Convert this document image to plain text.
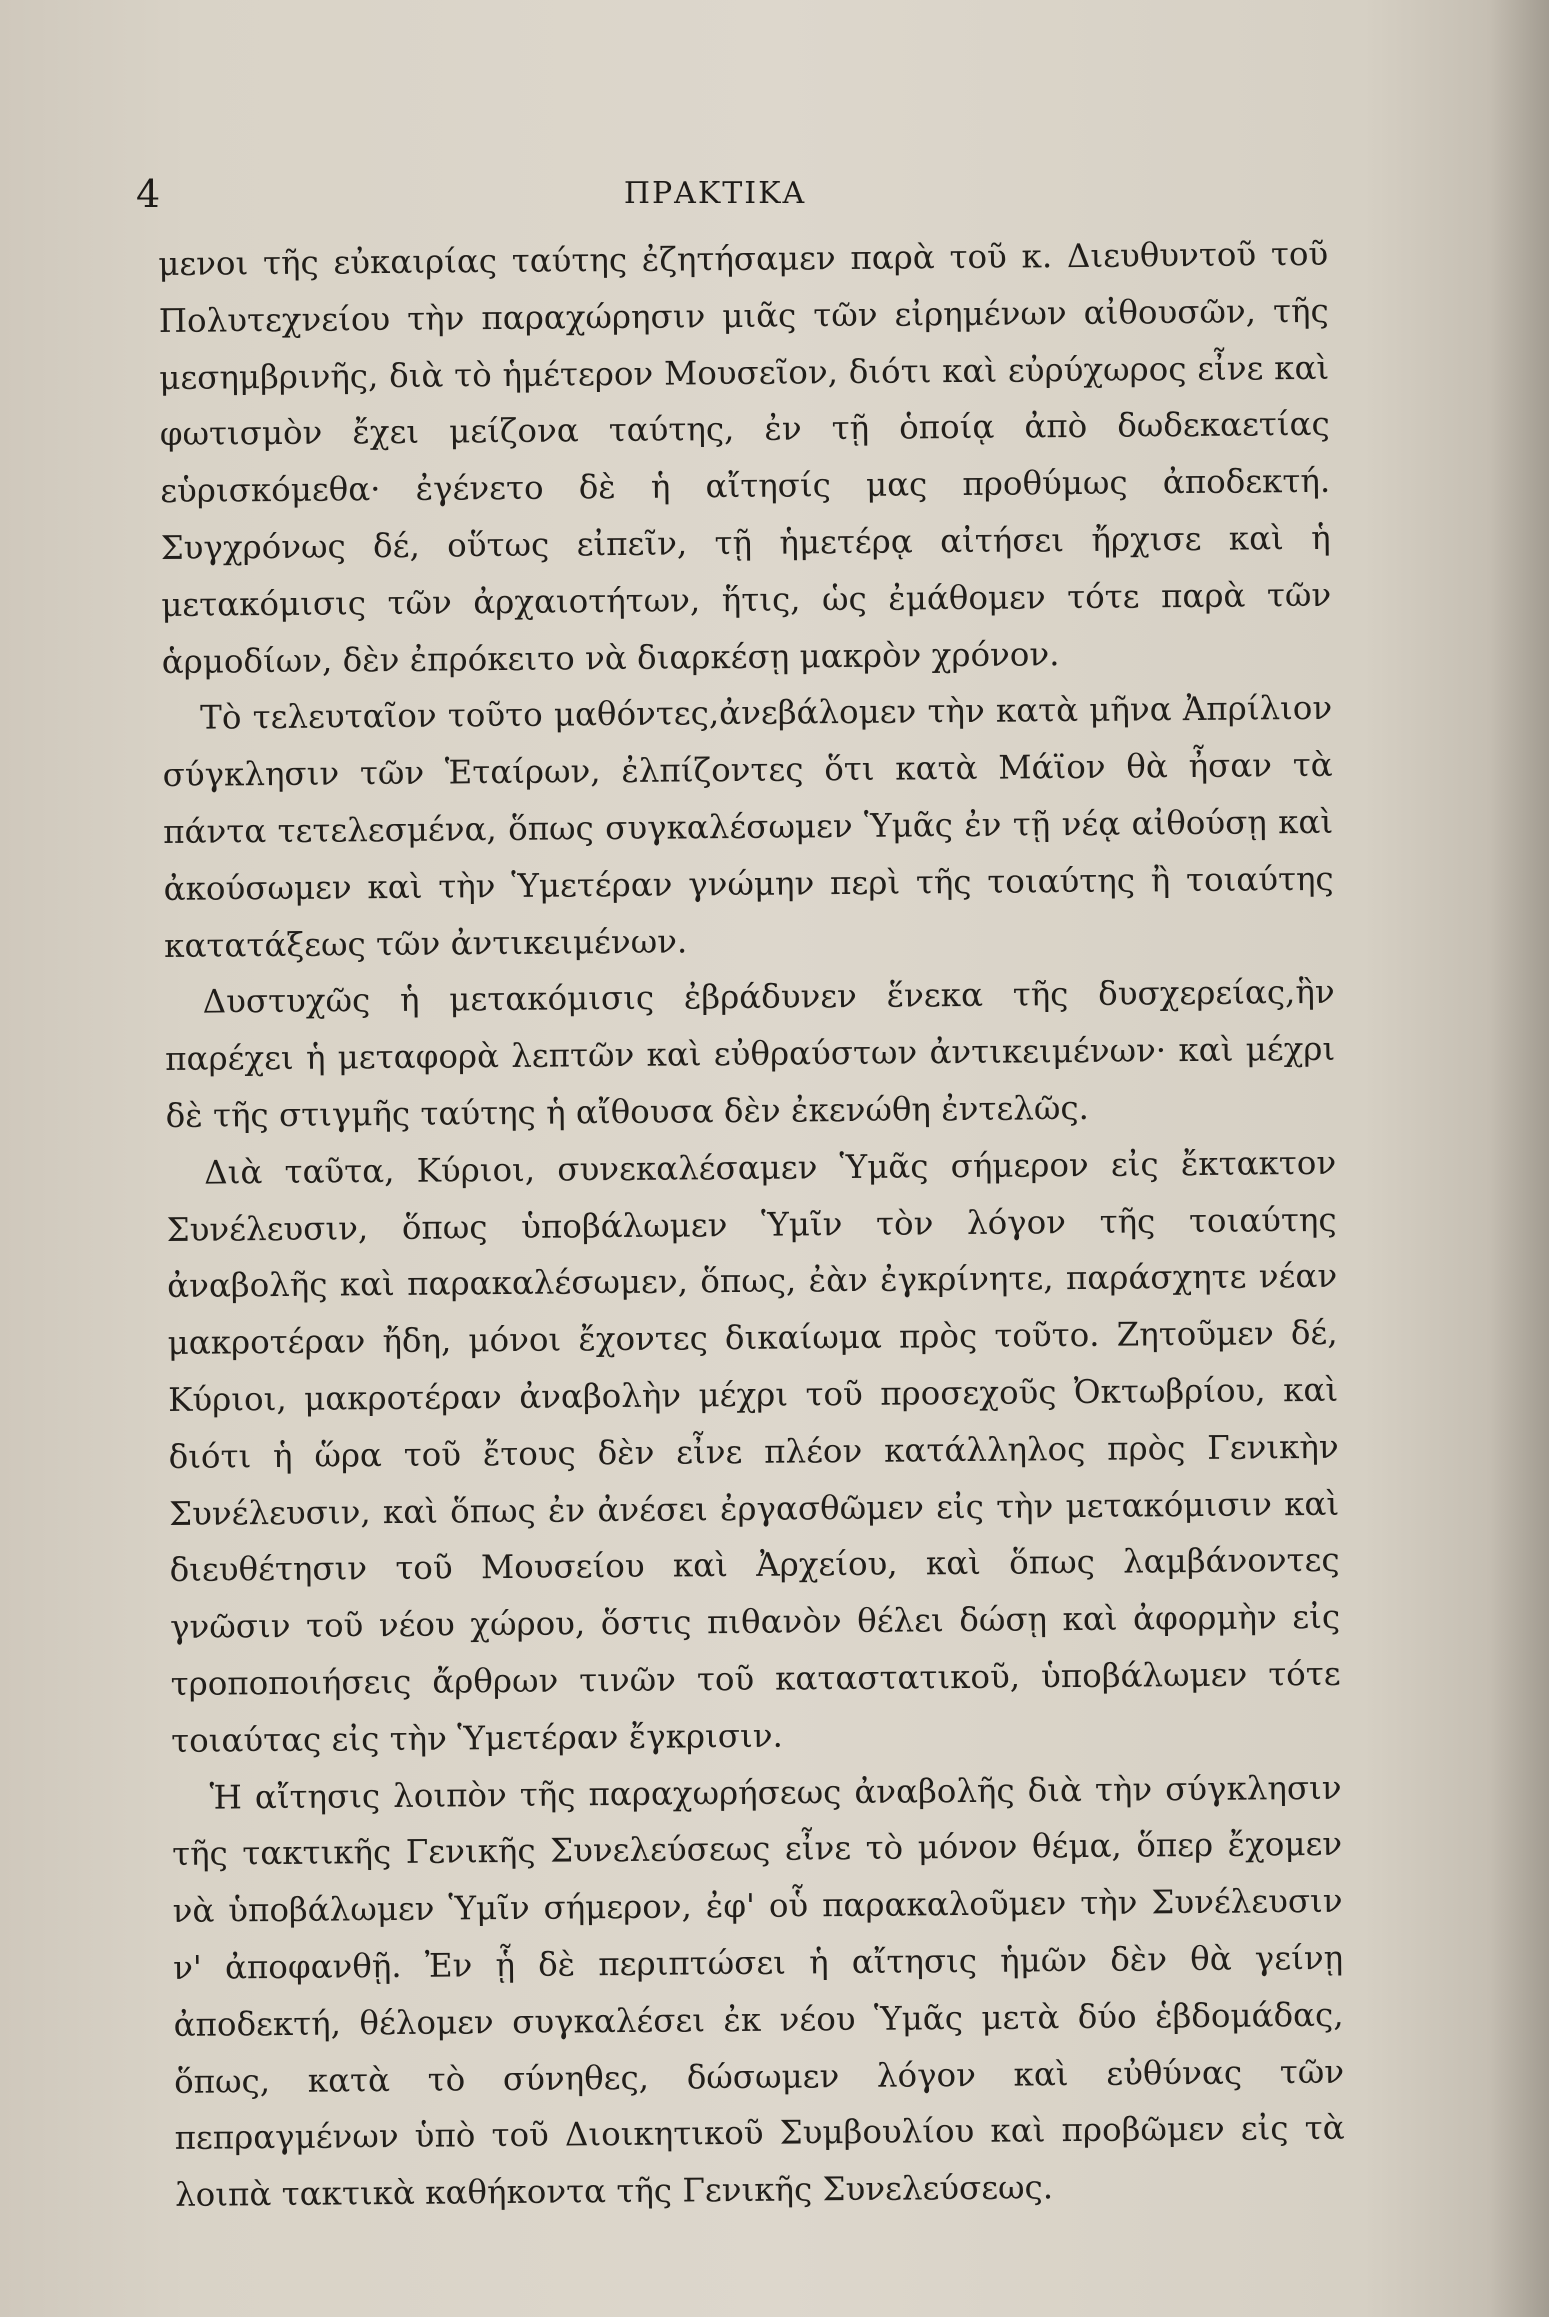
4	ΠΡΑΚΤΙΚΑ

μενοι τῆς εὐκαιρίας ταύτης ἐζητήσαμεν παρὰ τοῦ κ. Διευθυντοῦ τοῦ Πολυτεχνείου τὴν παραχώρησιν μιᾶς τῶν εἰρημένων αἰθουσῶν, τῆς μεσημβρινῆς, διὰ τὸ ἡμέτερον Μουσεῖον, διότι καὶ εὐρύχωρος εἶνε καὶ φωτισμὸν ἔχει μείζονα ταύτης, ἐν τῇ ὁποίᾳ ἀπὸ δωδεκαετίας εὑρισκόμεθα· ἐγένετο δὲ ἡ αἴτησίς μας προθύμως ἀποδεκτή. Συγχρόνως δέ, οὕτως εἰπεῖν, τῇ ἡμετέρᾳ αἰτήσει ἤρχισε καὶ ἡ μετακόμισις τῶν ἀρχαιοτήτων, ἥτις, ὡς ἐμάθομεν τότε παρὰ τῶν ἁρμοδίων, δὲν ἐπρόκειτο νὰ διαρκέσῃ μακρὸν χρόνον.

Τὸ τελευταῖον τοῦτο μαθόντες,ἀνεβάλομεν τὴν κατὰ μῆνα Ἀπρίλιον σύγκλησιν τῶν Ἑταίρων, ἐλπίζοντες ὅτι κατὰ Μάϊον θὰ ἦσαν τὰ πάντα τετελεσμένα, ὅπως συγκαλέσωμεν Ὑμᾶς ἐν τῇ νέᾳ αἰθούσῃ καὶ ἀκούσωμεν καὶ τὴν Ὑμετέραν γνώμην περὶ τῆς τοιαύτης ἢ τοιαύτης κατατάξεως τῶν ἀντικειμένων.

Δυστυχῶς ἡ μετακόμισις ἐβράδυνεν ἕνεκα τῆς δυσχερείας,ἣν παρέχει ἡ μεταφορὰ λεπτῶν καὶ εὐθραύστων ἀντικειμένων· καὶ μέχρι δὲ τῆς στιγμῆς ταύτης ἡ αἴθουσα δὲν ἐκενώθη ἐντελῶς.

Διὰ ταῦτα, Κύριοι, συνεκαλέσαμεν Ὑμᾶς σήμερον εἰς ἔκτακτον Συνέλευσιν, ὅπως ὑποβάλωμεν Ὑμῖν τὸν λόγον τῆς τοιαύτης ἀναβολῆς καὶ παρακαλέσωμεν, ὅπως, ἐὰν ἐγκρίνητε, παράσχητε νέαν μακροτέραν ἤδη, μόνοι ἔχοντες δικαίωμα πρὸς τοῦτο. Ζητοῦμεν δέ, Κύριοι, μακροτέραν ἀναβολὴν μέχρι τοῦ προσεχοῦς Ὀκτωβρίου, καὶ διότι ἡ ὥρα τοῦ ἔτους δὲν εἶνε πλέον κατάλληλος πρὸς Γενικὴν Συνέλευσιν, καὶ ὅπως ἐν ἀνέσει ἐργασθῶμεν εἰς τὴν μετακόμισιν καὶ διευθέτησιν τοῦ Μουσείου καὶ Ἀρχείου, καὶ ὅπως λαμβάνοντες γνῶσιν τοῦ νέου χώρου, ὅστις πιθανὸν θέλει δώσῃ καὶ ἀφορμὴν εἰς τροποποιήσεις ἄρθρων τινῶν τοῦ καταστατικοῦ, ὑποβάλωμεν τότε τοιαύτας εἰς τὴν Ὑμετέραν ἔγκρισιν.

Ἡ αἴτησις λοιπὸν τῆς παραχωρήσεως ἀναβολῆς διὰ τὴν σύγκλησιν τῆς τακτικῆς Γενικῆς Συνελεύσεως εἶνε τὸ μόνον θέμα, ὅπερ ἔχομεν νὰ ὑποβάλωμεν Ὑμῖν σήμερον, ἐφ' οὗ παρακαλοῦμεν τὴν Συνέλευσιν ν' ἀποφανθῇ. Ἐν ᾗ δὲ περιπτώσει ἡ αἴτησις ἡμῶν δὲν θὰ γείνῃ ἀποδεκτή, θέλομεν συγκαλέσει ἐκ νέου Ὑμᾶς μετὰ δύο ἑβδομάδας, ὅπως, κατὰ τὸ σύνηθες, δώσωμεν λόγον καὶ εὐθύνας τῶν πεπραγμένων ὑπὸ τοῦ Διοικητικοῦ Συμβουλίου καὶ προβῶμεν εἰς τὰ λοιπὰ τακτικὰ καθήκοντα τῆς Γενικῆς Συνελεύσεως.
